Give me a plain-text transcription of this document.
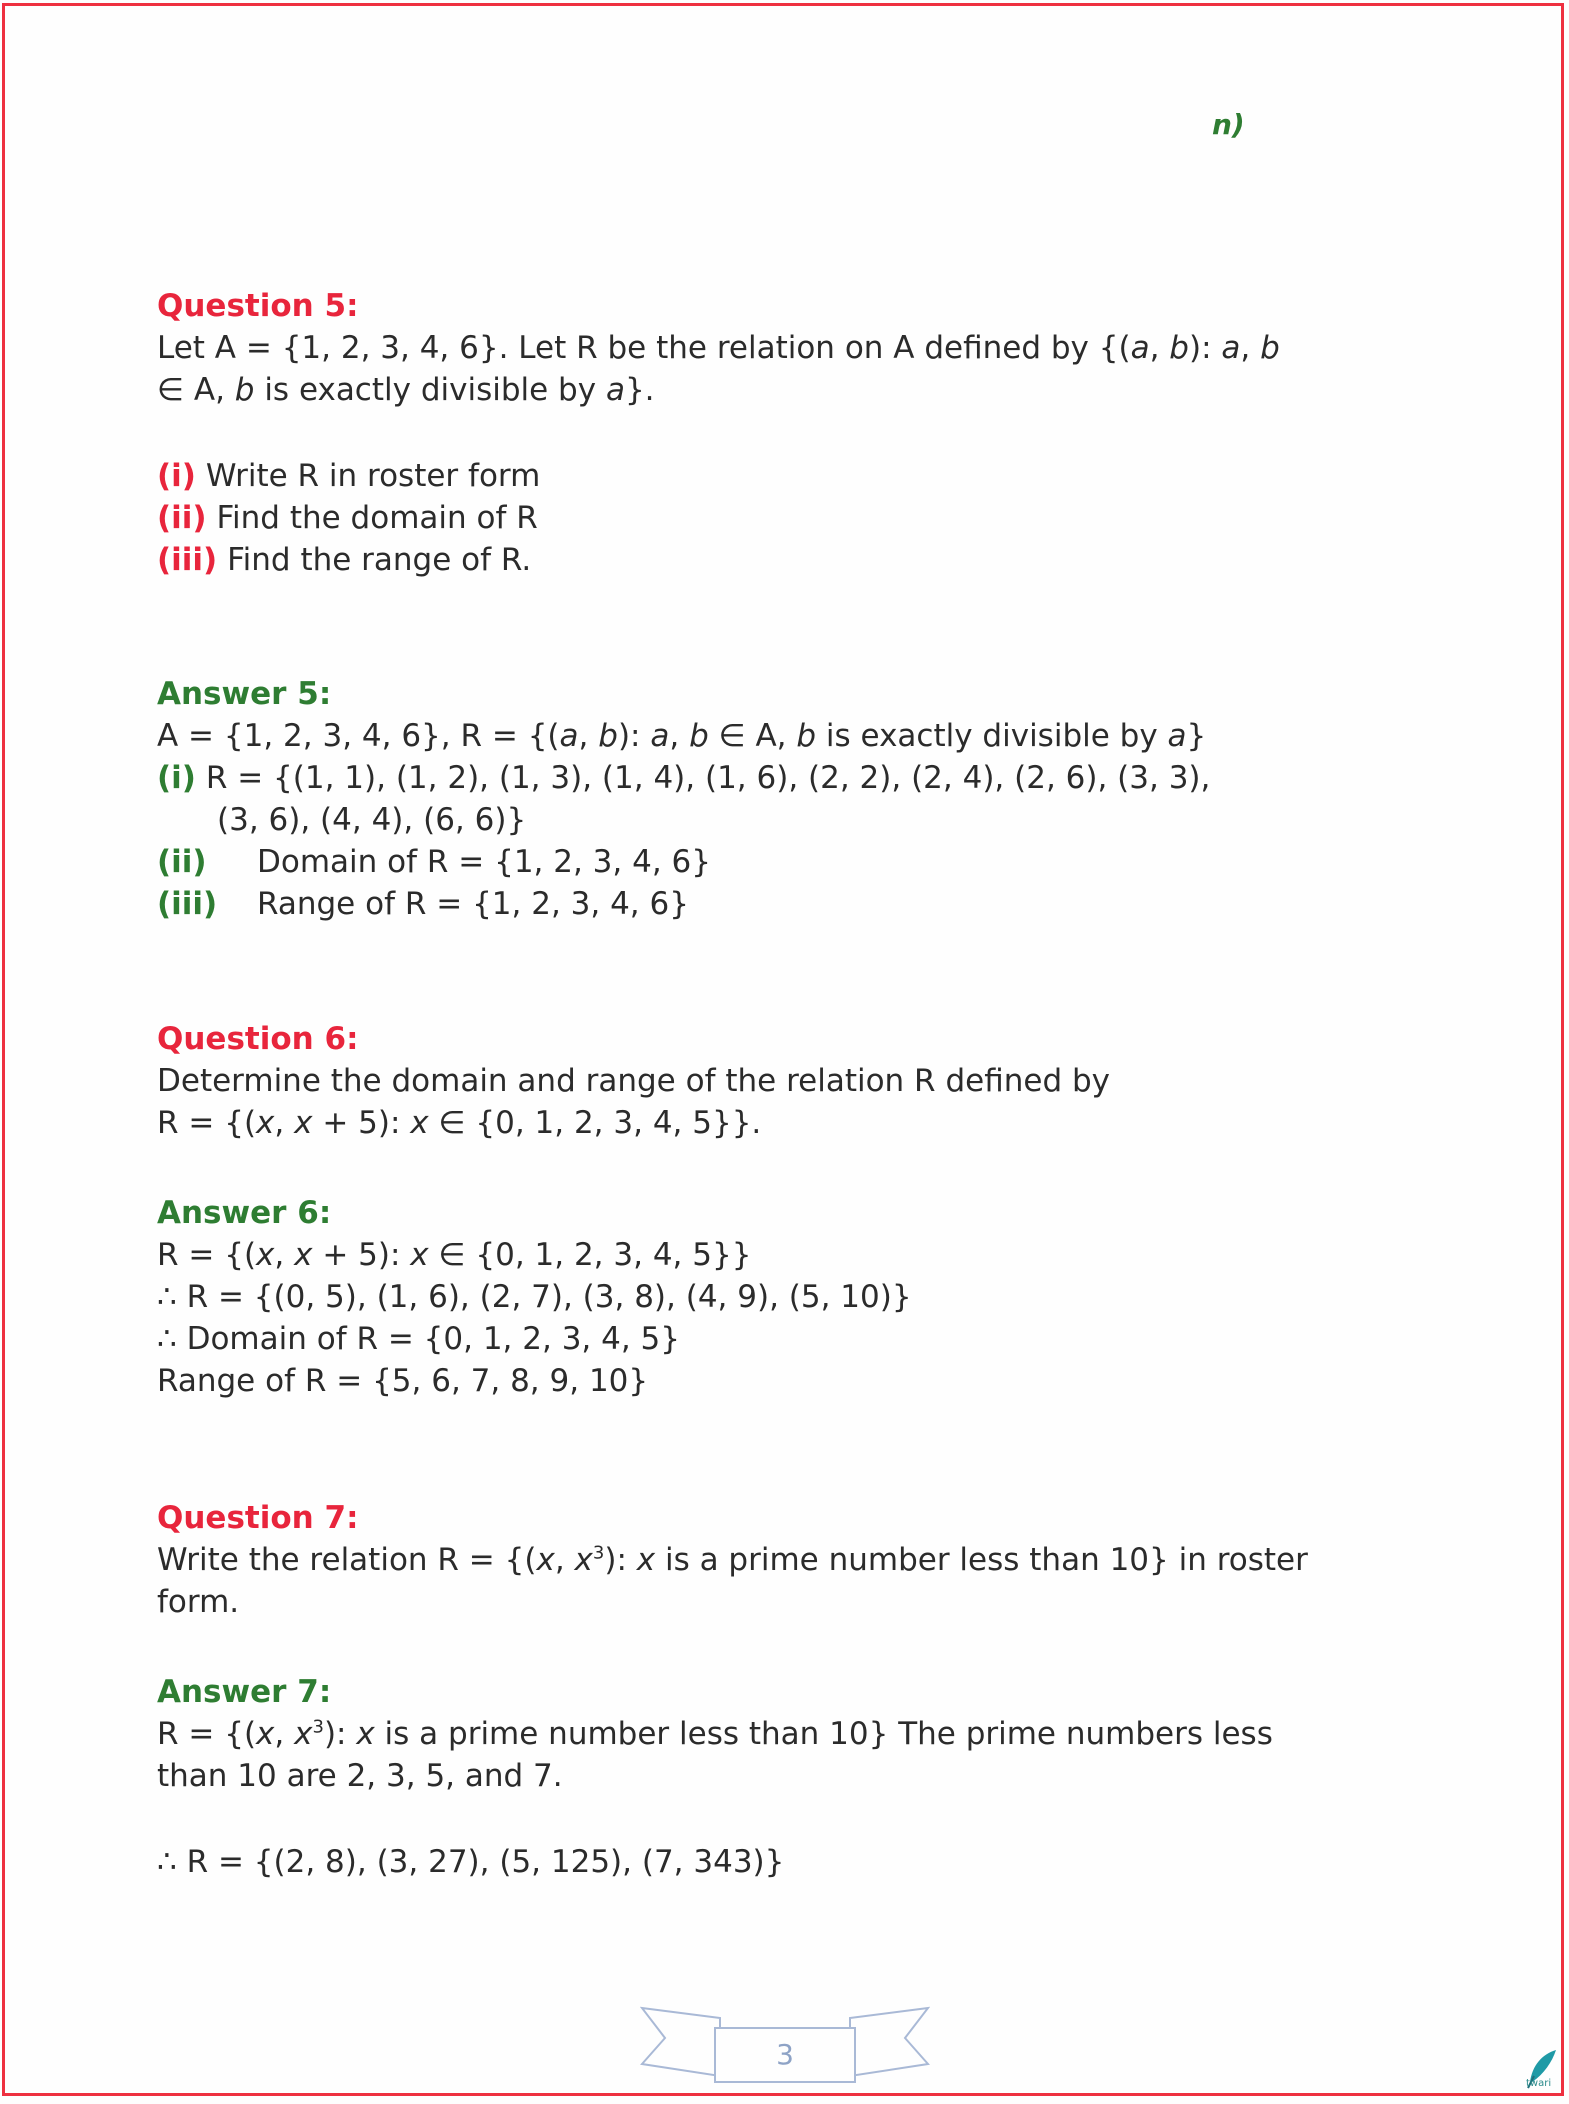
n)
Question 5:
Let A = {1, 2, 3, 4, 6}. Let R be the relation on A defined by {(a, b): a, b
∈ A, b is exactly divisible by a}.
(i) Write R in roster form
(ii) Find the domain of R
(iii) Find the range of R.
Answer 5:
A = {1, 2, 3, 4, 6}, R = {(a, b): a, b ∈ A, b is exactly divisible by a}
(i) R = {(1, 1), (1, 2), (1, 3), (1, 4), (1, 6), (2, 2), (2, 4), (2, 6), (3, 3),
(3, 6), (4, 4), (6, 6)}
(ii) Domain of R = {1, 2, 3, 4, 6}
(iii) Range of R = {1, 2, 3, 4, 6}
Question 6:
Determine the domain and range of the relation R defined by
R = {(x, x + 5): x ∈ {0, 1, 2, 3, 4, 5}}.
Answer 6:
R = {(x, x + 5): x ∈ {0, 1, 2, 3, 4, 5}}
∴ R = {(0, 5), (1, 6), (2, 7), (3, 8), (4, 9), (5, 10)}
∴ Domain of R = {0, 1, 2, 3, 4, 5}
Range of R = {5, 6, 7, 8, 9, 10}
Question 7:
Write the relation R = {(x, $x^3$): x is a prime number less than 10} in roster
form.
Answer 7:
R = {(x, $x^3$): x is a prime number less than 10} The prime numbers less
than 10 are 2, 3, 5, and 7.
∴ R = {(2, 8), (3, 27), (5, 125), (7, 343)}
3
twari
